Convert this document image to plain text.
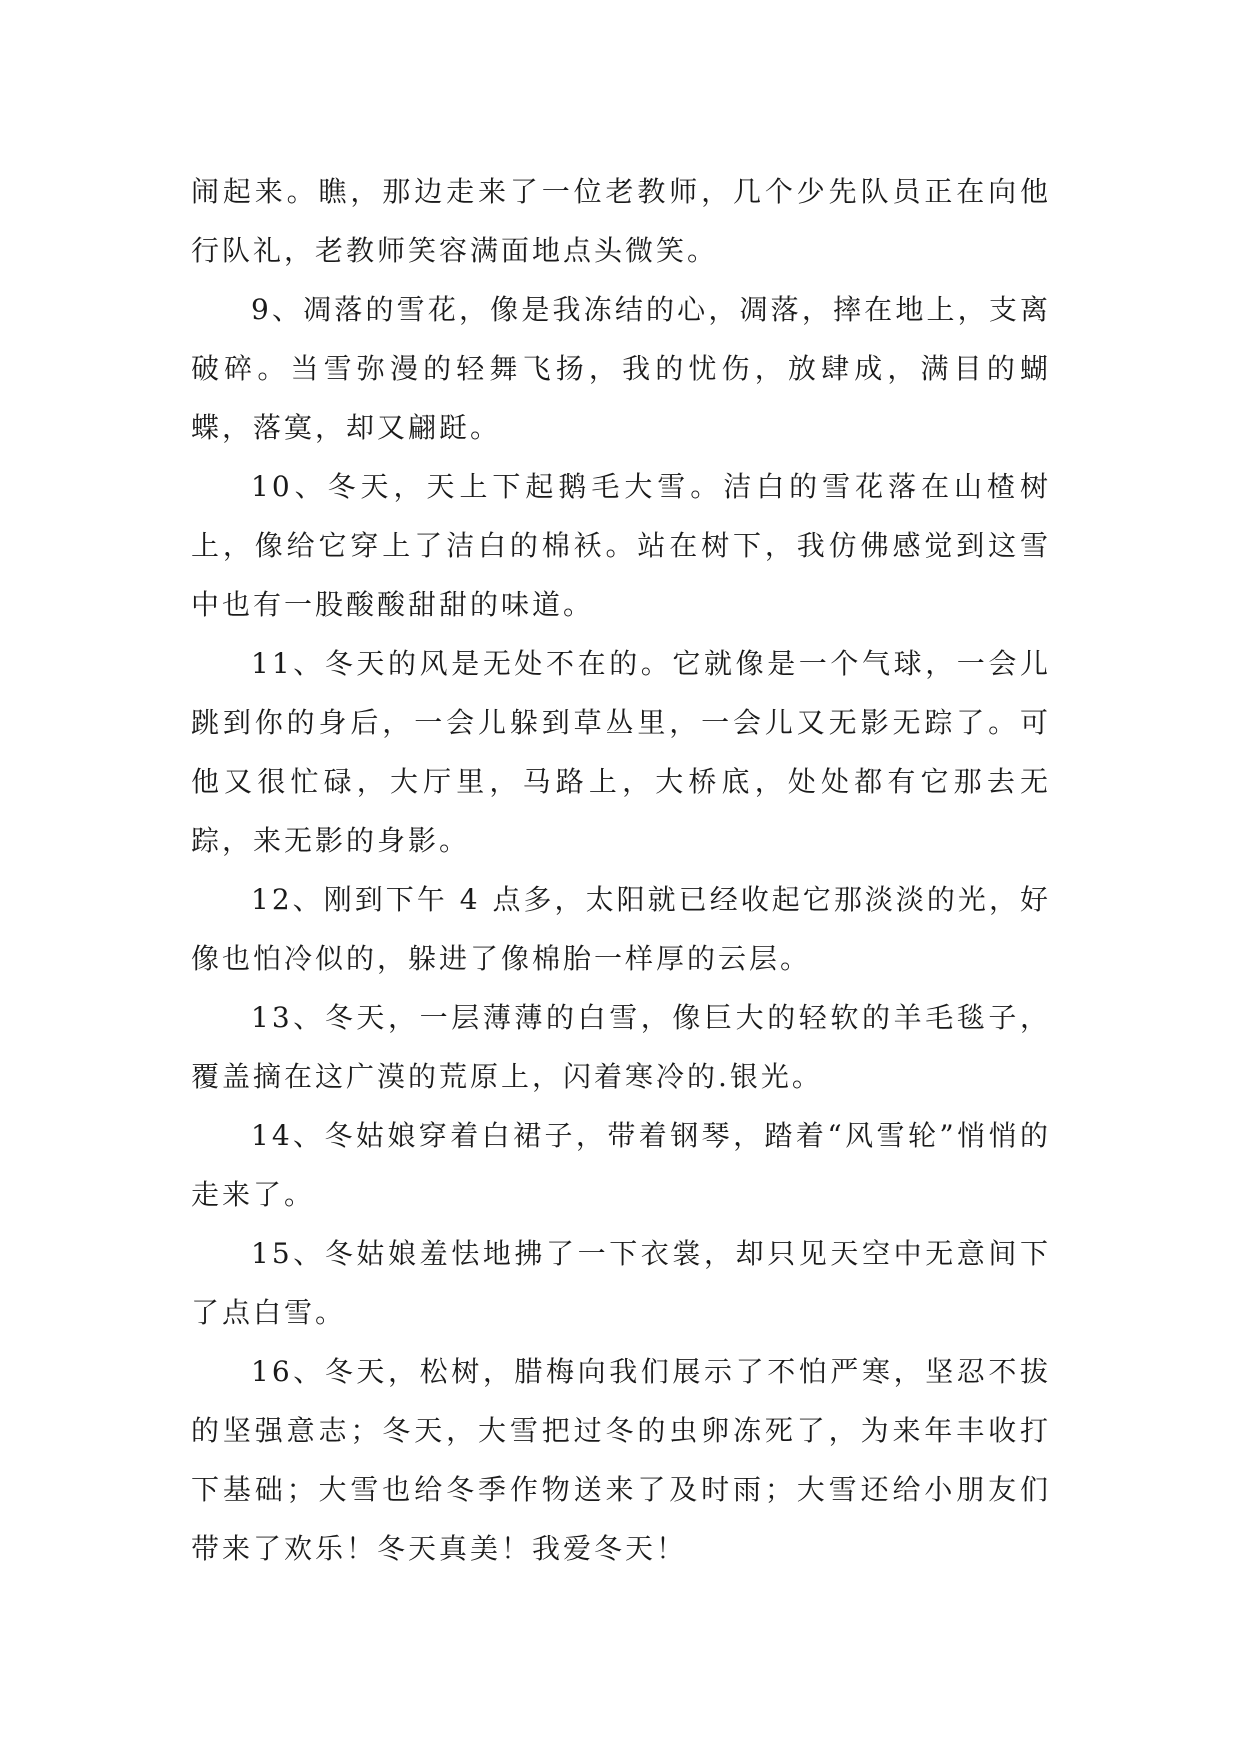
闹起来。瞧，那边走来了一位老教师，几个少先队员正在向他行队礼，老教师笑容满面地点头微笑。

9、凋落的雪花，像是我冻结的心，凋落，摔在地上，支离破碎。当雪弥漫的轻舞飞扬，我的忧伤，放肆成，满目的蝴蝶，落寞，却又翩跹。

10、冬天，天上下起鹅毛大雪。洁白的雪花落在山楂树上，像给它穿上了洁白的棉袄。站在树下，我仿佛感觉到这雪中也有一股酸酸甜甜的味道。

11、冬天的风是无处不在的。它就像是一个气球，一会儿跳到你的身后，一会儿躲到草丛里，一会儿又无影无踪了。可他又很忙碌，大厅里，马路上，大桥底，处处都有它那去无踪，来无影的身影。

12、刚到下午 4 点多，太阳就已经收起它那淡淡的光，好像也怕冷似的，躲进了像棉胎一样厚的云层。

13、冬天，一层薄薄的白雪，像巨大的轻软的羊毛毯子，覆盖摘在这广漠的荒原上，闪着寒冷的.银光。

14、冬姑娘穿着白裙子，带着钢琴，踏着“风雪轮”悄悄的走来了。

15、冬姑娘羞怯地拂了一下衣裳，却只见天空中无意间下了点白雪。

16、冬天，松树，腊梅向我们展示了不怕严寒，坚忍不拔的坚强意志；冬天，大雪把过冬的虫卵冻死了，为来年丰收打下基础；大雪也给冬季作物送来了及时雨；大雪还给小朋友们带来了欢乐！冬天真美！我爱冬天！
